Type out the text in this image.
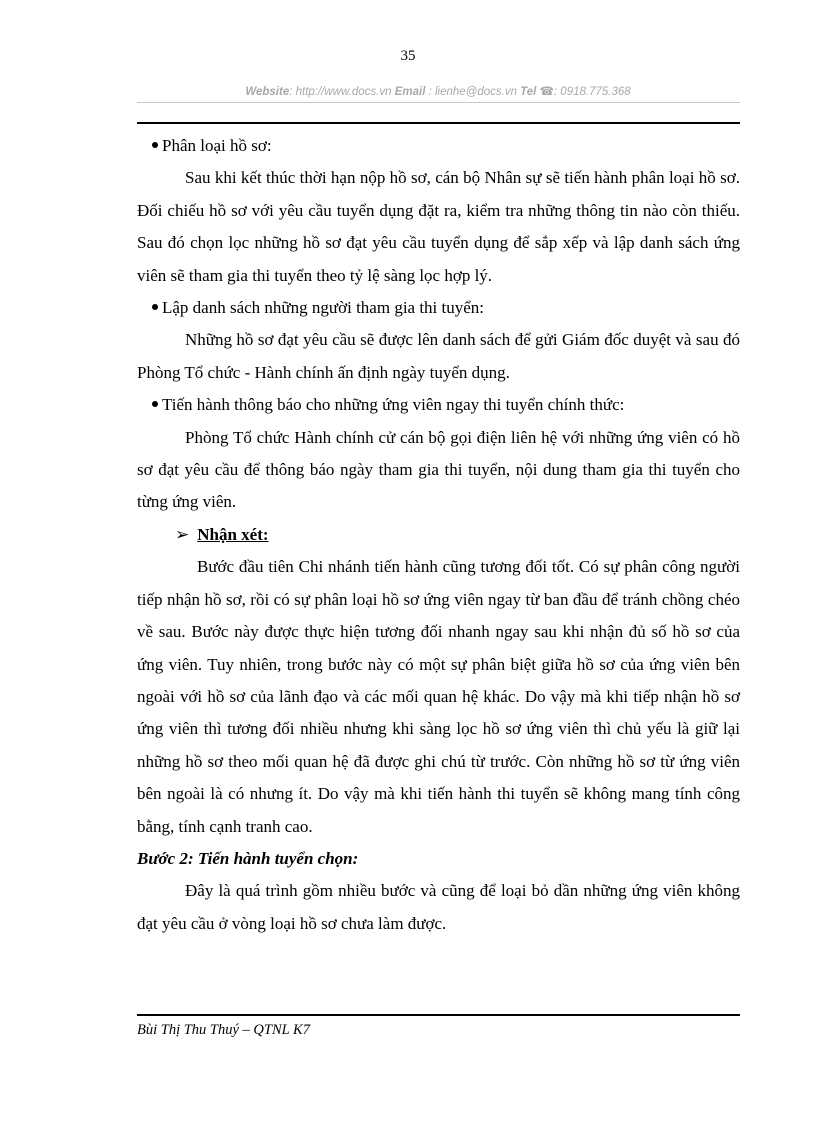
35
Website: http://www.docs.vn Email : lienhe@docs.vn Tel ☎: 0918.775.368

Phân loại hồ sơ:

Sau khi kết thúc thời hạn nộp hồ sơ, cán bộ Nhân sự sẽ tiến hành phân loại hồ sơ. Đối chiếu hồ sơ với yêu cầu tuyển dụng đặt ra, kiểm tra những thông tin nào còn thiếu. Sau đó chọn lọc những hồ sơ đạt yêu cầu tuyển dụng để sắp xếp và lập danh sách ứng viên sẽ tham gia thi tuyển theo tỷ lệ sàng lọc hợp lý.

Lập danh sách những người tham gia thi tuyển:

Những hồ sơ đạt yêu cầu sẽ được lên danh sách để gửi Giám đốc duyệt và sau đó Phòng Tổ chức - Hành chính ấn định ngày tuyển dụng.

Tiến hành thông báo cho những ứng viên ngay thi tuyển chính thức:

Phòng Tổ chức Hành chính cử cán bộ gọi điện liên hệ với những ứng viên có hồ sơ đạt yêu cầu để thông báo ngày tham gia thi tuyển, nội dung tham gia thi tuyển cho từng ứng viên.

➢ Nhận xét:

Bước đầu tiên Chi nhánh tiến hành cũng tương đối tốt. Có sự phân công người tiếp nhận hồ sơ, rồi có sự phân loại hồ sơ ứng viên ngay từ ban đầu để tránh chồng chéo về sau. Bước này được thực hiện tương đối nhanh ngay sau khi nhận đủ số hồ sơ của ứng viên. Tuy nhiên, trong bước này có một sự phân biệt giữa hồ sơ của ứng viên bên ngoài với hồ sơ của lãnh đạo và các mối quan hệ khác. Do vậy mà khi tiếp nhận hồ sơ ứng viên thì tương đối nhiều nhưng khi sàng lọc hồ sơ ứng viên thì chủ yếu là giữ lại những hồ sơ theo mối quan hệ đã được ghi chú từ trước. Còn những hồ sơ từ ứng viên bên ngoài là có nhưng ít. Do vậy mà khi tiến hành thi tuyển sẽ không mang tính công bằng, tính cạnh tranh cao.

Bước 2: Tiến hành tuyển chọn:

Đây là quá trình gồm nhiều bước và cũng để loại bỏ dần những ứng viên không đạt yêu cầu ở vòng loại hồ sơ chưa làm được.

Bùi Thị Thu Thuý – QTNL K7
